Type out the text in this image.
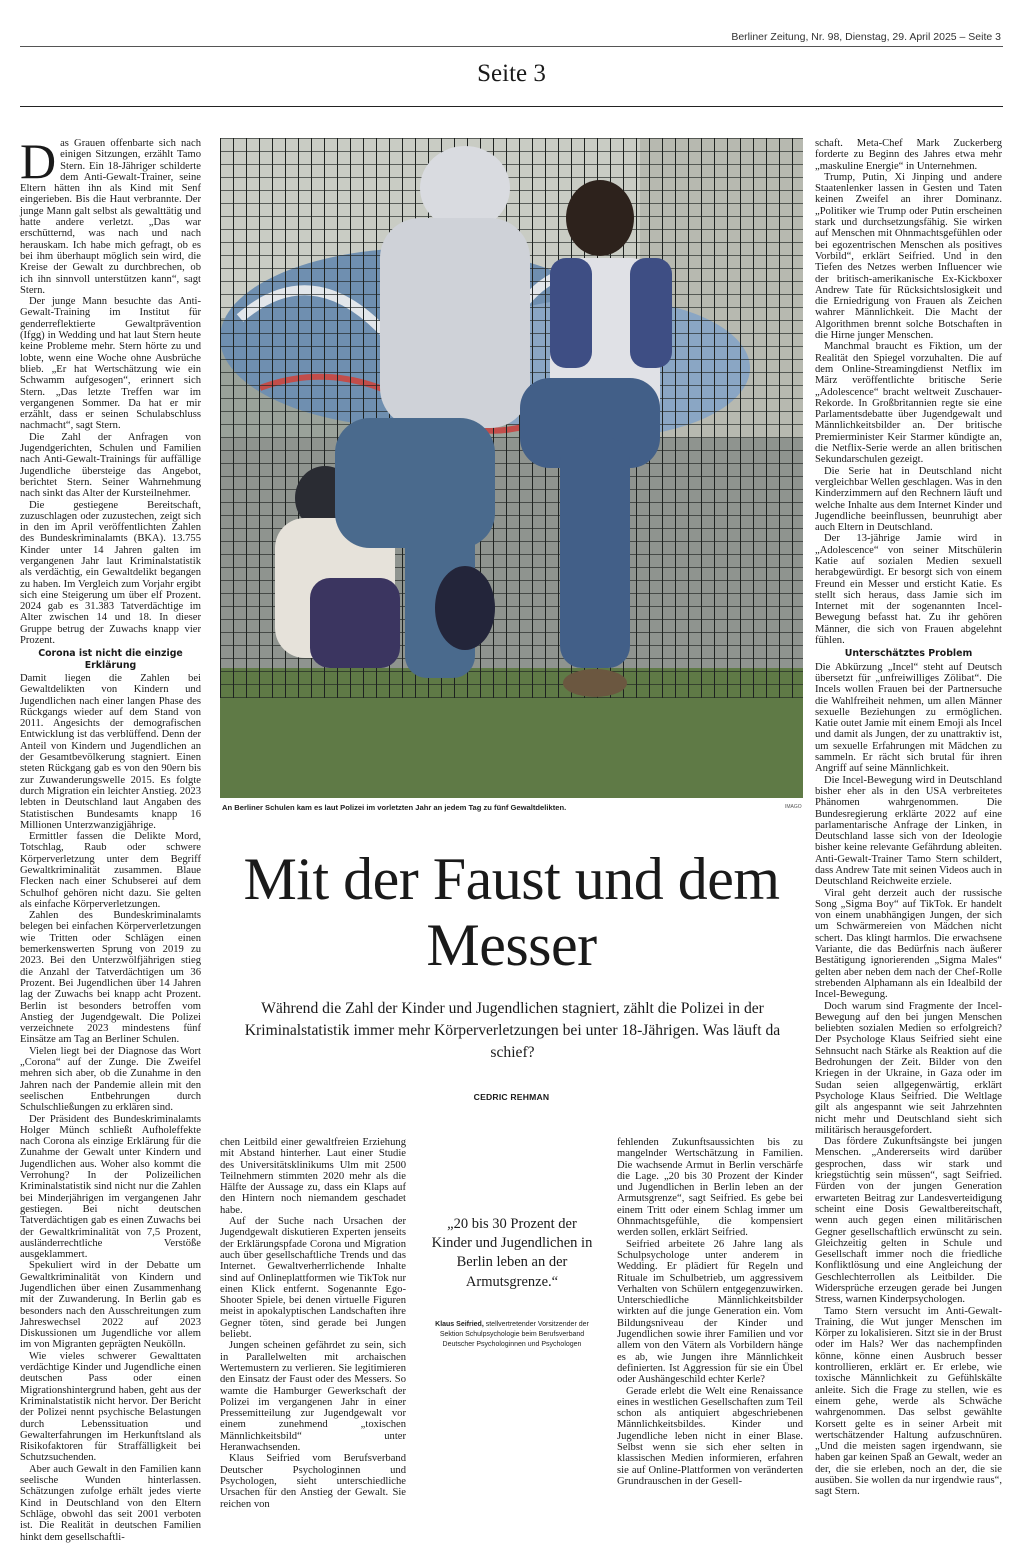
Berliner Zeitung, Nr. 98, Dienstag, 29. April 2025 – Seite 3
Seite 3

Das Grauen offenbarte sich nach einigen Sitzungen, erzählt Tamo Stern. Ein 18-Jähriger schilderte dem Anti-Gewalt-Trainer, seine Eltern hätten ihn als Kind mit Senf eingerieben. Bis die Haut verbrannte. Der junge Mann galt selbst als gewalttätig und hatte andere verletzt. „Das war erschütternd, was nach und nach herauskam. Ich habe mich gefragt, ob es bei ihm überhaupt möglich sein wird, die Kreise der Gewalt zu durchbrechen, ob ich ihn sinnvoll unterstützen kann“, sagt Stern.

Der junge Mann besuchte das Anti-Gewalt-Training im Institut für genderreflektierte Gewaltprävention (Ifgg) in Wedding und hat laut Stern heute keine Probleme mehr. Stern hörte zu und lobte, wenn eine Woche ohne Ausbrüche blieb. „Er hat Wertschätzung wie ein Schwamm aufgesogen“, erinnert sich Stern. „Das letzte Treffen war im vergangenen Sommer. Da hat er mir erzählt, dass er seinen Schulabschluss nachmacht“, sagt Stern.

Die Zahl der Anfragen von Jugendgerichten, Schulen und Familien nach Anti-Gewalt-Trainings für auffällige Jugendliche übersteige das Angebot, berichtet Stern. Seiner Wahrnehmung nach sinkt das Alter der Kursteilnehmer.

Die gestiegene Bereitschaft, zuzuschlagen oder zuzustechen, zeigt sich in den im April veröffentlichten Zahlen des Bundeskriminalamts (BKA). 13.755 Kinder unter 14 Jahren galten im vergangenen Jahr laut Kriminalstatistik als verdächtig, ein Gewaltdelikt begangen zu haben. Im Vergleich zum Vorjahr ergibt sich eine Steigerung um über elf Prozent. 2024 gab es 31.383 Tatverdächtige im Alter zwischen 14 und 18. In dieser Gruppe betrug der Zuwachs knapp vier Prozent.

Corona ist nicht die einzige Erklärung

Damit liegen die Zahlen bei Gewaltdelikten von Kindern und Jugendlichen nach einer langen Phase des Rückgangs wieder auf dem Stand von 2011. Angesichts der demografischen Entwicklung ist das verblüffend. Denn der Anteil von Kindern und Jugendlichen an der Gesamtbevölkerung stagniert. Einen steten Rückgang gab es von den 90ern bis zur Zuwanderungswelle 2015. Es folgte durch Migration ein leichter Anstieg. 2023 lebten in Deutschland laut Angaben des Statistischen Bundesamts knapp 16 Millionen Unterzwanzigjährige.

Ermittler fassen die Delikte Mord, Totschlag, Raub oder schwere Körperverletzung unter dem Begriff Gewaltkriminalität zusammen. Blaue Flecken nach einer Schubserei auf dem Schulhof gehören nicht dazu. Sie gelten als einfache Körperverletzungen.

Zahlen des Bundeskriminalamts belegen bei einfachen Körperverletzungen wie Tritten oder Schlägen einen bemerkenswerten Sprung von 2019 zu 2023. Bei den Unterzwölfjährigen stieg die Anzahl der Tatverdächtigen um 36 Prozent. Bei Jugendlichen über 14 Jahren lag der Zuwachs bei knapp acht Prozent. Berlin ist besonders betroffen vom Anstieg der Jugendgewalt. Die Polizei verzeichnete 2023 mindestens fünf Einsätze am Tag an Berliner Schulen.

Vielen liegt bei der Diagnose das Wort „Corona“ auf der Zunge. Die Zweifel mehren sich aber, ob die Zunahme in den Jahren nach der Pandemie allein mit den seelischen Entbehrungen durch Schulschließungen zu erklären sind.

Der Präsident des Bundeskriminalamts Holger Münch schließt Aufholeffekte nach Corona als einzige Erklärung für die Zunahme der Gewalt unter Kindern und Jugendlichen aus. Woher also kommt die Verrohung? In der Polizeilichen Kriminalstatistik sind nicht nur die Zahlen bei Minderjährigen im vergangenen Jahr gestiegen. Bei nicht deutschen Tatverdächtigen gab es einen Zuwachs bei der Gewaltkriminalität von 7,5 Prozent, ausländerrechtliche Verstöße ausgeklammert.

Spekuliert wird in der Debatte um Gewaltkriminalität von Kindern und Jugendlichen über einen Zusammenhang mit der Zuwanderung. In Berlin gab es besonders nach den Ausschreitungen zum Jahreswechsel 2022 auf 2023 Diskussionen um Jugendliche vor allem im von Migranten geprägten Neukölln.

Wie vieles schwerer Gewalttaten verdächtige Kinder und Jugendliche einen deutschen Pass oder einen Migrationshintergrund haben, geht aus der Kriminalstatistik nicht hervor. Der Bericht der Polizei nennt psychische Belastungen durch Lebenssituation und Gewalterfahrungen im Herkunftsland als Risikofaktoren für Straffälligkeit bei Schutzsuchenden.

Aber auch Gewalt in den Familien kann seelische Wunden hinterlassen. Schätzungen zufolge erhält jedes vierte Kind in Deutschland von den Eltern Schläge, obwohl das seit 2001 verboten ist. Die Realität in deutschen Familien hinkt dem gesellschaftli-

An Berliner Schulen kam es laut Polizei im vorletzten Jahr an jedem Tag zu fünf Gewaltdelikten.	IMAGO

schaft. Meta-Chef Mark Zuckerberg forderte zu Beginn des Jahres etwa mehr „maskuline Energie“ in Unternehmen.

Trump, Putin, Xi Jinping und andere Staatenlenker lassen in Gesten und Taten keinen Zweifel an ihrer Dominanz. „Politiker wie Trump oder Putin erscheinen stark und durchsetzungsfähig. Sie wirken auf Menschen mit Ohnmachtsgefühlen oder bei egozentrischen Menschen als positives Vorbild“, erklärt Seifried. Und in den Tiefen des Netzes werben Influencer wie der britisch-amerikanische Ex-Kickboxer Andrew Tate für Rücksichtslosigkeit und die Erniedrigung von Frauen als Zeichen wahrer Männlichkeit. Die Macht der Algorithmen brennt solche Botschaften in die Hirne junger Menschen.

Manchmal braucht es Fiktion, um der Realität den Spiegel vorzuhalten. Die auf dem Online-Streamingdienst Netflix im März veröffentlichte britische Serie „Adolescence“ bracht weltweit Zuschauer-Rekorde. In Großbritannien regte sie eine Parlamentsdebatte über Jugendgewalt und Männlichkeitsbilder an. Der britische Premierminister Keir Starmer kündigte an, die Netflix-Serie werde an allen britischen Sekundarschulen gezeigt.

Die Serie hat in Deutschland nicht vergleichbar Wellen geschlagen. Was in den Kinderzimmern auf den Rechnern läuft und welche Inhalte aus dem Internet Kinder und Jugendliche beeinflussen, beunruhigt aber auch Eltern in Deutschland.

Der 13-jährige Jamie wird in „Adolescence“ von seiner Mitschülerin Katie auf sozialen Medien sexuell herabgewürdigt. Er besorgt sich von einem Freund ein Messer und ersticht Katie. Es stellt sich heraus, dass Jamie sich im Internet mit der sogenannten Incel-Bewegung befasst hat. Zu ihr gehören Männer, die sich von Frauen abgelehnt fühlen.

Unterschätztes Problem

Die Abkürzung „Incel“ steht auf Deutsch übersetzt für „unfreiwilliges Zölibat“. Die Incels wollen Frauen bei der Partnersuche die Wahlfreiheit nehmen, um allen Männer sexuelle Beziehungen zu ermöglichen. Katie outet Jamie mit einem Emoji als Incel und damit als Jungen, der zu unattraktiv ist, um sexuelle Erfahrungen mit Mädchen zu sammeln. Er rächt sich brutal für ihren Angriff auf seine Männlichkeit.

Die Incel-Bewegung wird in Deutschland bisher eher als in den USA verbreitetes Phänomen wahrgenommen. Die Bundesregierung erklärte 2022 auf eine parlamentarische Anfrage der Linken, in Deutschland lasse sich von der Ideologie bisher keine relevante Gefährdung ableiten. Anti-Gewalt-Trainer Tamo Stern schildert, dass Andrew Tate mit seinen Videos auch in Deutschland Reichweite erziele.

Viral geht derzeit auch der russische Song „Sigma Boy“ auf TikTok. Er handelt von einem unabhängigen Jungen, der sich um Schwärmereien von Mädchen nicht schert. Das klingt harmlos. Die erwachsene Variante, die das Bedürfnis nach äußerer Bestätigung ignorierenden „Sigma Males“ gelten aber neben dem nach der Chef-Rolle strebenden Alphamann als ein Idealbild der Incel-Bewegung.

Doch warum sind Fragmente der Incel-Bewegung auf den bei jungen Menschen beliebten sozialen Medien so erfolgreich? Der Psychologe Klaus Seifried sieht eine Sehnsucht nach Stärke als Reaktion auf die Bedrohungen der Zeit. Bilder von den Kriegen in der Ukraine, in Gaza oder im Sudan seien allgegenwärtig, erklärt Psychologe Klaus Seifried. Die Weltlage gilt als angespannt wie seit Jahrzehnten nicht mehr und Deutschland sieht sich militärisch herausgefordert.

Das fördere Zukunftsängste bei jungen Menschen. „Andererseits wird darüber gesprochen, dass wir stark und kriegstüchtig sein müssen“, sagt Seifried. Fürden von der jungen Generation erwarteten Beitrag zur Landesverteidigung scheint eine Dosis Gewaltbereitschaft, wenn auch gegen einen militärischen Gegner gesellschaftlich erwünscht zu sein. Gleichzeitig gelten in Schule und Gesellschaft immer noch die friedliche Konfliktlösung und eine Angleichung der Geschlechterrollen als Leitbilder. Die Widersprüche erzeugen gerade bei Jungen Stress, warnen Kinderpsychologen.

Tamo Stern versucht im Anti-Gewalt-Training, die Wut junger Menschen im Körper zu lokalisieren. Sitzt sie in der Brust oder im Hals? Wer das nachempfinden könne, könne einen Ausbruch besser kontrollieren, erklärt er. Er erlebe, wie toxische Männlichkeit zu Gefühlskälte anleite. Sich die Frage zu stellen, wie es einem gehe, werde als Schwäche wahrgenommen. Das selbst gewählte Korsett gelte es in seiner Arbeit mit wertschätzender Haltung aufzuschnüren. „Und die meisten sagen irgendwann, sie haben gar keinen Spaß an Gewalt, weder an der, die sie erleben, noch an der, die sie ausüben. Sie wollen da nur irgendwie raus“, sagt Stern.

Mit der Faust und dem Messer
Während die Zahl der Kinder und Jugendlichen stagniert, zählt die Polizei in der Kriminalstatistik immer mehr Körperverletzungen bei unter 18-Jährigen. Was läuft da schief?
CEDRIC REHMAN

chen Leitbild einer gewaltfreien Erziehung mit Abstand hinterher. Laut einer Studie des Universitätsklinikums Ulm mit 2500 Teilnehmern stimmten 2020 mehr als die Hälfte der Aussage zu, dass ein Klaps auf den Hintern noch niemandem geschadet habe.

Auf der Suche nach Ursachen der Jugendgewalt diskutieren Experten jenseits der Erklärungspfade Corona und Migration auch über gesellschaftliche Trends und das Internet. Gewaltverherrlichende Inhalte sind auf Onlineplattformen wie TikTok nur einen Klick entfernt. Sogenannte Ego-Shooter Spiele, bei denen virtuelle Figuren meist in apokalyptischen Landschaften ihre Gegner töten, sind gerade bei Jungen beliebt.

Jungen scheinen gefährdet zu sein, sich in Parallelwelten mit archaischen Wertemustern zu verlieren. Sie legitimieren den Einsatz der Faust oder des Messers. So wamte die Hamburger Gewerkschaft der Polizei im vergangenen Jahr in einer Pressemitteilung zur Jugendgewalt vor einem zunehmend „toxischen Männlichkeitsbild“ unter Heranwachsenden.

Klaus Seifried vom Berufsverband Deutscher Psychologinnen und Psychologen, sieht unterschiedliche Ursachen für den Anstieg der Gewalt. Sie reichen von

„20 bis 30 Prozent der Kinder und Jugendlichen in Berlin leben an der Armutsgrenze.“
Klaus Seifried, stellvertretender Vorsitzender der Sektion Schulpsychologie beim Berufsverband Deutscher Psychologinnen und Psychologen

fehlenden Zukunftsaussichten bis zu mangelnder Wertschätzung in Familien. Die wachsende Armut in Berlin verschärfe die Lage. „20 bis 30 Prozent der Kinder und Jugendlichen in Berlin leben an der Armutsgrenze“, sagt Seifried. Es gebe bei einem Tritt oder einem Schlag immer um Ohnmachtsgefühle, die kompensiert werden sollen, erklärt Seifried.

Seifried arbeitete 26 Jahre lang als Schulpsychologe unter anderem in Wedding. Er plädiert für Regeln und Rituale im Schulbetrieb, um aggressivem Verhalten von Schülern entgegenzuwirken. Unterschiedliche Männlichkeitsbilder wirkten auf die junge Generation ein. Vom Bildungsniveau der Kinder und Jugendlichen sowie ihrer Familien und vor allem von den Vätern als Vorbildern hänge es ab, wie Jungen ihre Männlichkeit definierten. Ist Aggression für sie ein Übel oder Aushängeschild echter Kerle?

Gerade erlebt die Welt eine Renaissance eines in westlichen Gesellschaften zum Teil schon als antiquiert abgeschriebenen Männlichkeitsbildes. Kinder und Jugendliche leben nicht in einer Blase. Selbst wenn sie sich eher selten in klassischen Medien informieren, erfahren sie auf Online-Plattformen von veränderten Grundrauschen in der Gesell-
